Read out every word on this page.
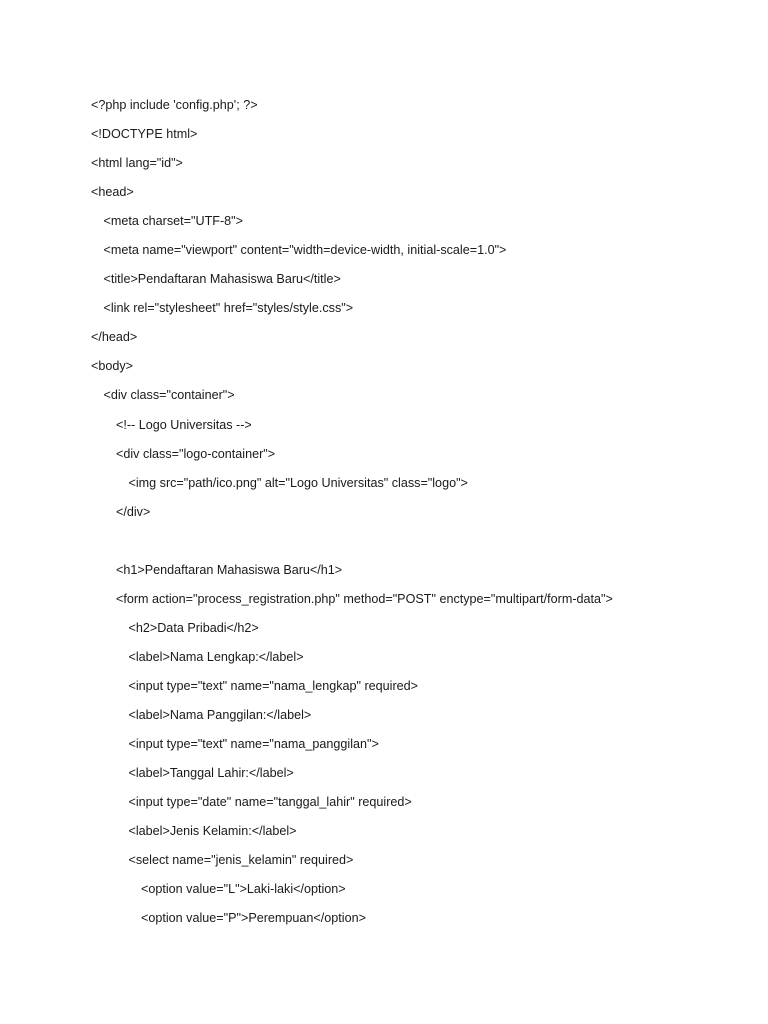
<?php include 'config.php'; ?>
<!DOCTYPE html>
<html lang="id">
<head>
<meta charset="UTF-8">
<meta name="viewport" content="width=device-width, initial-scale=1.0">
<title>Pendaftaran Mahasiswa Baru</title>
<link rel="stylesheet" href="styles/style.css">
</head>
<body>
<div class="container">
<!-- Logo Universitas -->
<div class="logo-container">
<img src="path/ico.png" alt="Logo Universitas" class="logo">
</div>
<h1>Pendaftaran Mahasiswa Baru</h1>
<form action="process_registration.php" method="POST" enctype="multipart/form-data">
<h2>Data Pribadi</h2>
<label>Nama Lengkap:</label>
<input type="text" name="nama_lengkap" required>
<label>Nama Panggilan:</label>
<input type="text" name="nama_panggilan">
<label>Tanggal Lahir:</label>
<input type="date" name="tanggal_lahir" required>
<label>Jenis Kelamin:</label>
<select name="jenis_kelamin" required>
<option value="L">Laki-laki</option>
<option value="P">Perempuan</option>
